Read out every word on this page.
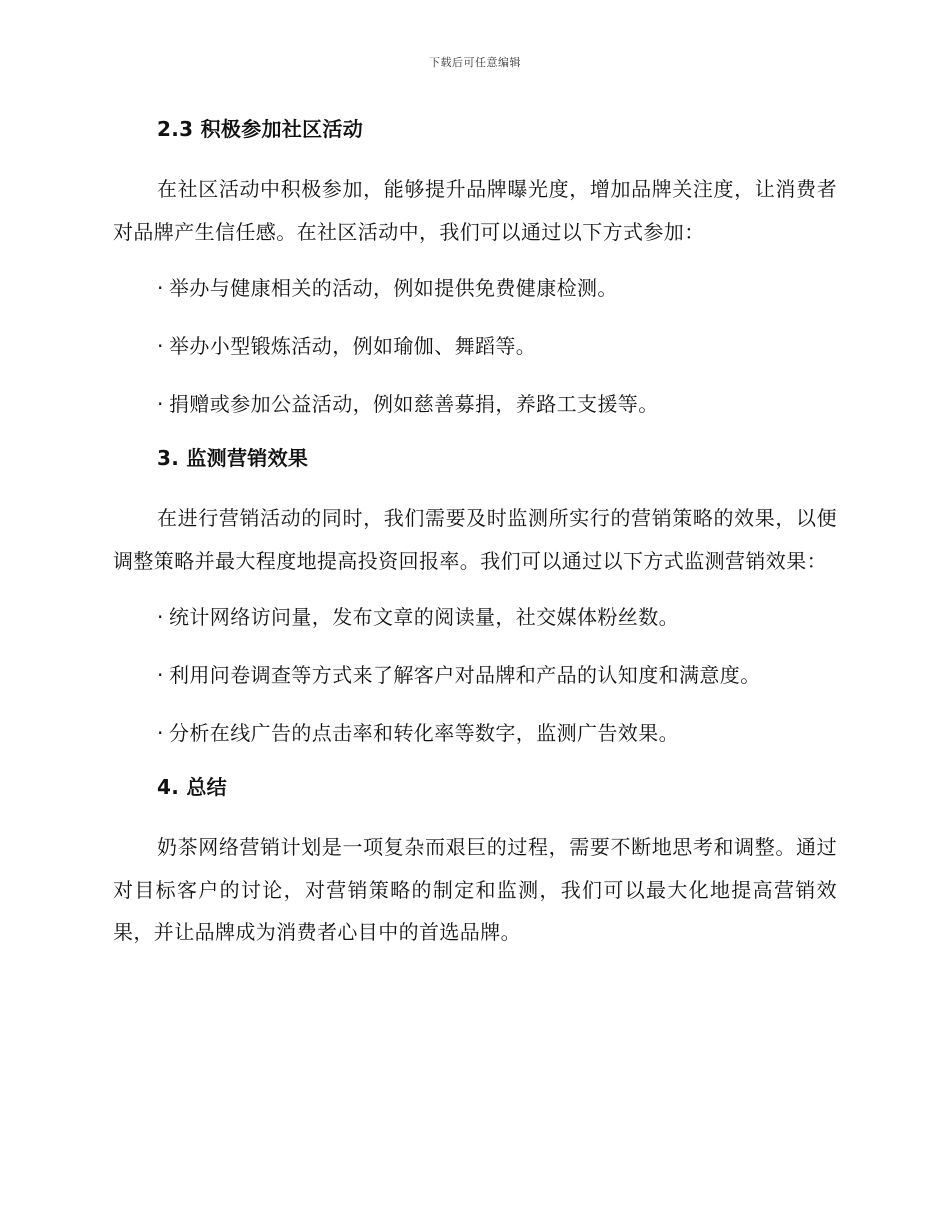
下载后可任意编辑
2.3 积极参加社区活动

在社区活动中积极参加，能够提升品牌曝光度，增加品牌关注度，让消费者对品牌产生信任感。在社区活动中，我们可以通过以下方式参加：

· 举办与健康相关的活动，例如提供免费健康检测。
· 举办小型锻炼活动，例如瑜伽、舞蹈等。
· 捐赠或参加公益活动，例如慈善募捐，养路工支援等。
3. 监测营销效果

在进行营销活动的同时，我们需要及时监测所实行的营销策略的效果，以便调整策略并最大程度地提高投资回报率。我们可以通过以下方式监测营销效果：

· 统计网络访问量，发布文章的阅读量，社交媒体粉丝数。
· 利用问卷调查等方式来了解客户对品牌和产品的认知度和满意度。
· 分析在线广告的点击率和转化率等数字，监测广告效果。
4. 总结

奶茶网络营销计划是一项复杂而艰巨的过程，需要不断地思考和调整。通过对目标客户的讨论，对营销策略的制定和监测，我们可以最大化地提高营销效果，并让品牌成为消费者心目中的首选品牌。
